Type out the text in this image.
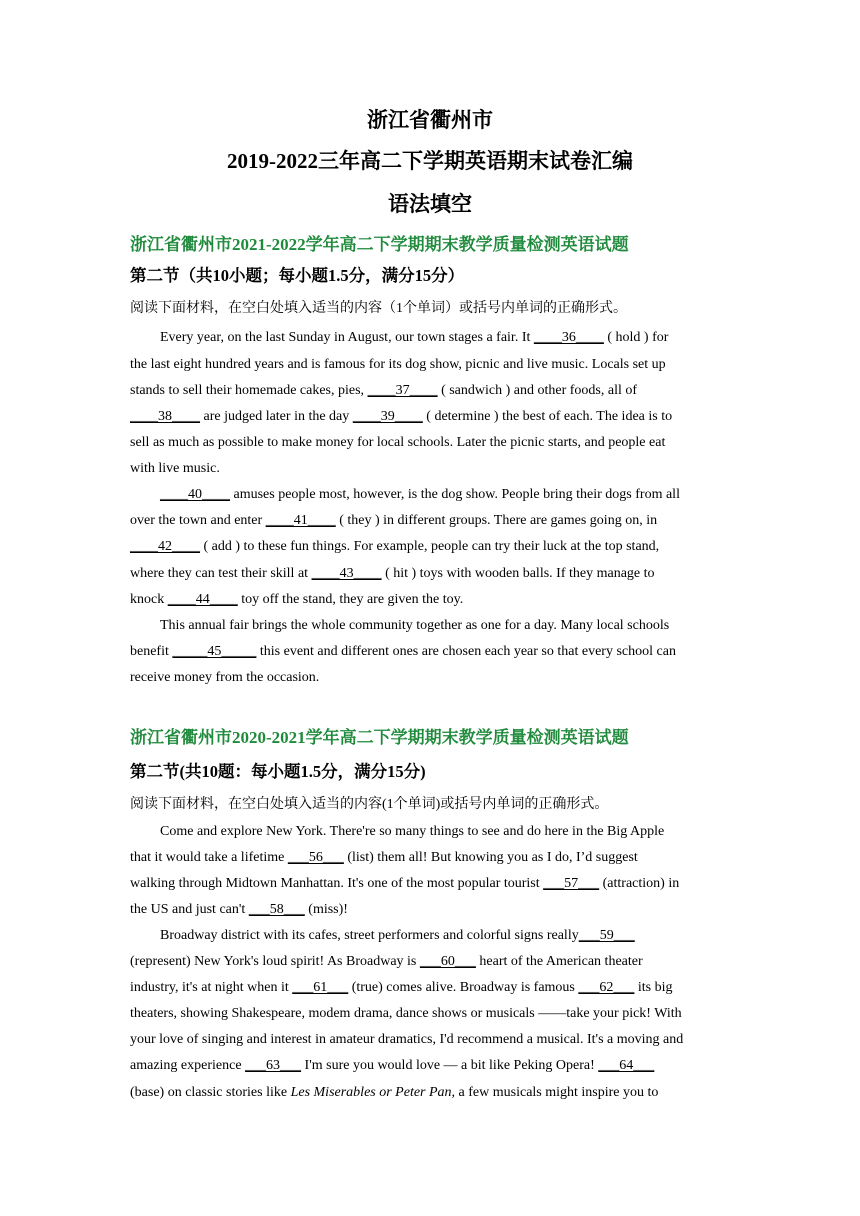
浙江省衢州市
2019-2022三年高二下学期英语期末试卷汇编
语法填空
浙江省衢州市2021-2022学年高二下学期期末教学质量检测英语试题
第二节（共10小题；每小题1.5分，满分15分）
阅读下面材料，在空白处填入适当的内容（1个单词）或括号内单词的正确形式。
Every year, on the last Sunday in August, our town stages a fair. It ____36____ ( hold ) for
the last eight hundred years and is famous for its dog show, picnic and live music. Locals set up
stands to sell their homemade cakes, pies, ____37____ ( sandwich ) and other foods, all of
____38____ are judged later in the day ____39____ ( determine ) the best of each. The idea is to
sell as much as possible to make money for local schools. Later the picnic starts, and people eat
with live music.
____40____ amuses people most, however, is the dog show. People bring their dogs from all
over the town and enter ____41____ ( they ) in different groups. There are games going on, in
____42____ ( add ) to these fun things. For example, people can try their luck at the top stand,
where they can test their skill at ____43____ ( hit ) toys with wooden balls. If they manage to
knock ____44____ toy off the stand, they are given the toy.
This annual fair brings the whole community together as one for a day. Many local schools
benefit _____45_____ this event and different ones are chosen each year so that every school can
receive money from the occasion.
浙江省衢州市2020-2021学年高二下学期期末教学质量检测英语试题
第二节(共10题：每小题1.5分，满分15分)
阅读下面材料，在空白处填入适当的内容(1个单词)或括号内单词的正确形式。
Come and explore New York. There're so many things to see and do here in the Big Apple
that it would take a lifetime ___56___ (list) them all! But knowing you as I do, I’d suggest
walking through Midtown Manhattan. It's one of the most popular tourist ___57___ (attraction) in
the US and just can't ___58___ (miss)!
Broadway district with its cafes, street performers and colorful signs really___59___
(represent) New York's loud spirit! As Broadway is ___60___ heart of the American theater
industry, it's at night when it ___61___ (true) comes alive. Broadway is famous ___62___ its big
theaters, showing Shakespeare, modem drama, dance shows or musicals ——take your pick! With
your love of singing and interest in amateur dramatics, I'd recommend a musical. It's a moving and
amazing experience ___63___ I'm sure you would love — a bit like Peking Opera! ___64___
(base) on classic stories like Les Miserables or Peter Pan, a few musicals might inspire you to
